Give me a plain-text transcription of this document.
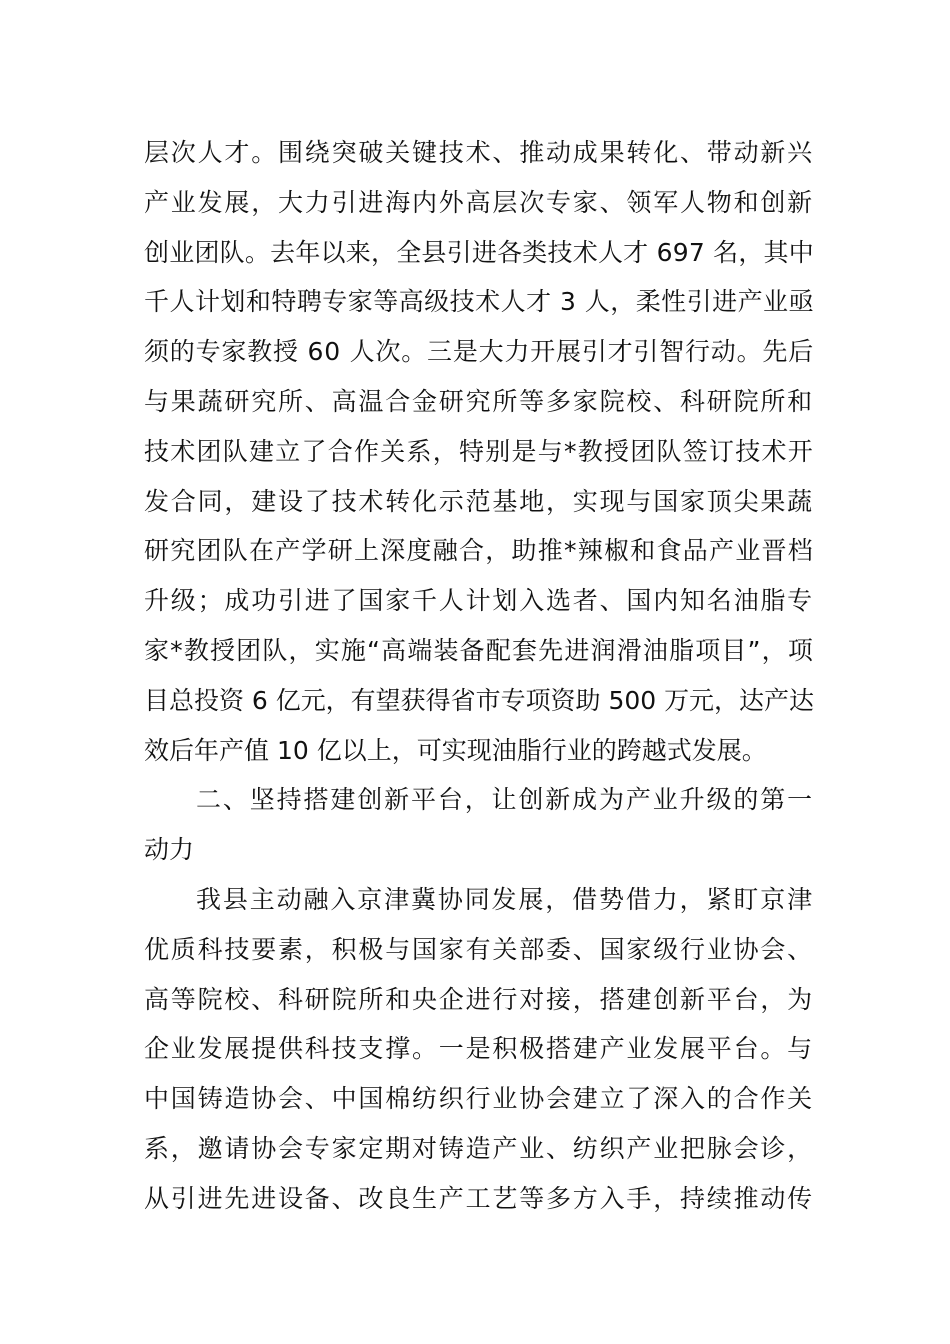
层次人才。围绕突破关键技术、推动成果转化、带动新兴
产业发展，大力引进海内外高层次专家、领军人物和创新
创业团队。去年以来，全县引进各类技术人才 697 名，其中
千人计划和特聘专家等高级技术人才 3 人，柔性引进产业亟
须的专家教授 60 人次。三是大力开展引才引智行动。先后
与果蔬研究所、高温合金研究所等多家院校、科研院所和
技术团队建立了合作关系，特别是与*教授团队签订技术开
发合同，建设了技术转化示范基地，实现与国家顶尖果蔬
研究团队在产学研上深度融合，助推*辣椒和食品产业晋档
升级；成功引进了国家千人计划入选者、国内知名油脂专
家*教授团队，实施“高端装备配套先进润滑油脂项目”，项
目总投资 6 亿元，有望获得省市专项资助 500 万元，达产达
效后年产值 10 亿以上，可实现油脂行业的跨越式发展。
二、坚持搭建创新平台，让创新成为产业升级的第一
动力
我县主动融入京津冀协同发展，借势借力，紧盯京津
优质科技要素，积极与国家有关部委、国家级行业协会、
高等院校、科研院所和央企进行对接，搭建创新平台，为
企业发展提供科技支撑。一是积极搭建产业发展平台。与
中国铸造协会、中国棉纺织行业协会建立了深入的合作关
系，邀请协会专家定期对铸造产业、纺织产业把脉会诊，
从引进先进设备、改良生产工艺等多方入手，持续推动传
